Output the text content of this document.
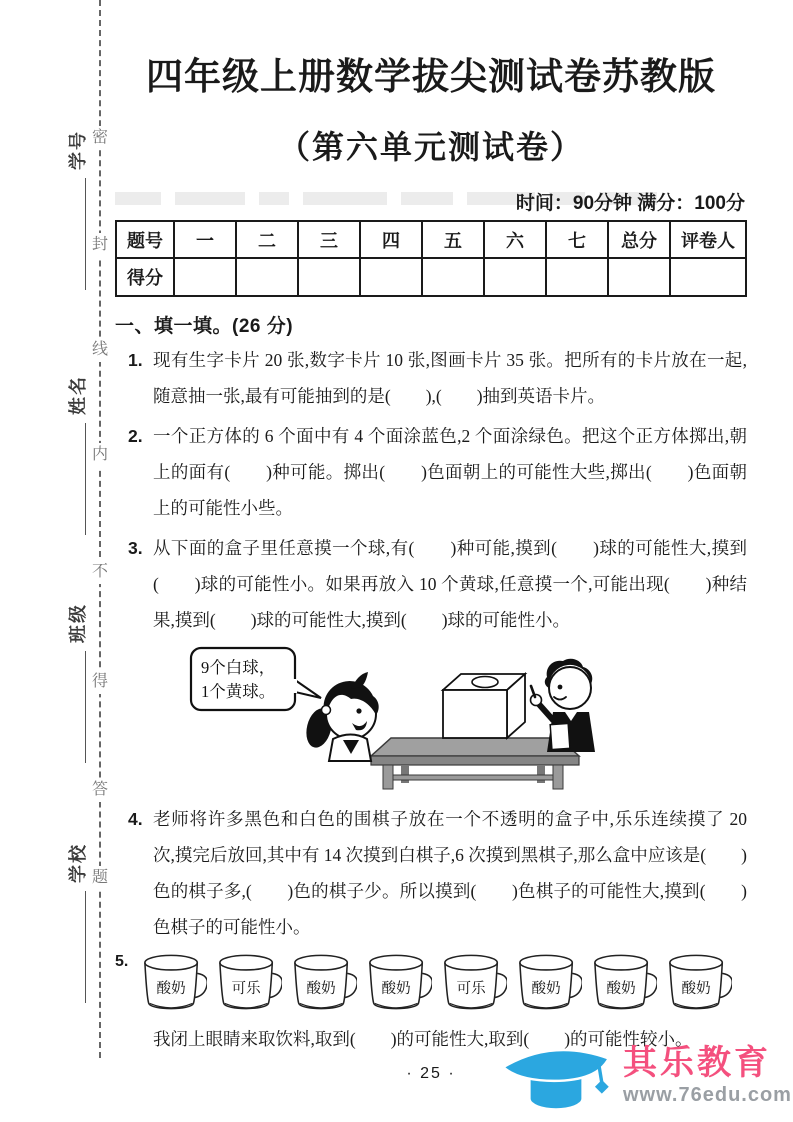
密
封
线
内
不
得
答
题
学号
姓名
班级
学校
四年级上册数学拔尖测试卷苏教版
（第六单元测试卷）
时间：90分钟 满分：100分
题号	一	二	三	四	五	六	七	总分	评卷人
得分									
一、填一填。(26 分)
1. 现有生字卡片 20 张,数字卡片 10 张,图画卡片 35 张。把所有的卡片放在一起,随意抽一张,最有可能抽到的是(　　),(　　)抽到英语卡片。
2. 一个正方体的 6 个面中有 4 个面涂蓝色,2 个面涂绿色。把这个正方体掷出,朝上的面有(　　)种可能。掷出(　　)色面朝上的可能性大些,掷出(　　)色面朝上的可能性小些。
3. 从下面的盒子里任意摸一个球,有(　　)种可能,摸到(　　)球的可能性大,摸到(　　)球的可能性小。如果再放入 10 个黄球,任意摸一个,可能出现(　　)种结果,摸到(　　)球的可能性大,摸到(　　)球的可能性小。
9个白球，
1个黄球。
4. 老师将许多黑色和白色的围棋子放在一个不透明的盒子中,乐乐连续摸了 20 次,摸完后放回,其中有 14 次摸到白棋子,6 次摸到黑棋子,那么盒中应该是(　　)色的棋子多,(　　)色的棋子少。所以摸到(　　)色棋子的可能性大,摸到(　　)色棋子的可能性小。
5.
酸奶	可乐	酸奶	酸奶	可乐	酸奶	酸奶	酸奶
我闭上眼睛来取饮料,取到(　　)的可能性大,取到(　　)的可能性较小。
· 25 ·	其乐教育
www.76edu.com
